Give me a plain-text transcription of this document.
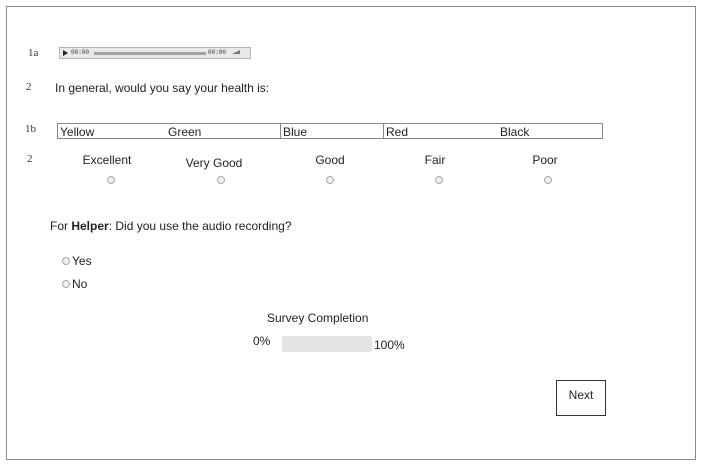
1a	00:00	00:00
2 In general, would you say your health is:
1b Yellow	Green	Blue	Red	Black
2	Excellent	Very Good	Good	Fair	Poor
For Helper: Did you use the audio recording?
Yes
No
Survey Completion
0%	100%
Next
